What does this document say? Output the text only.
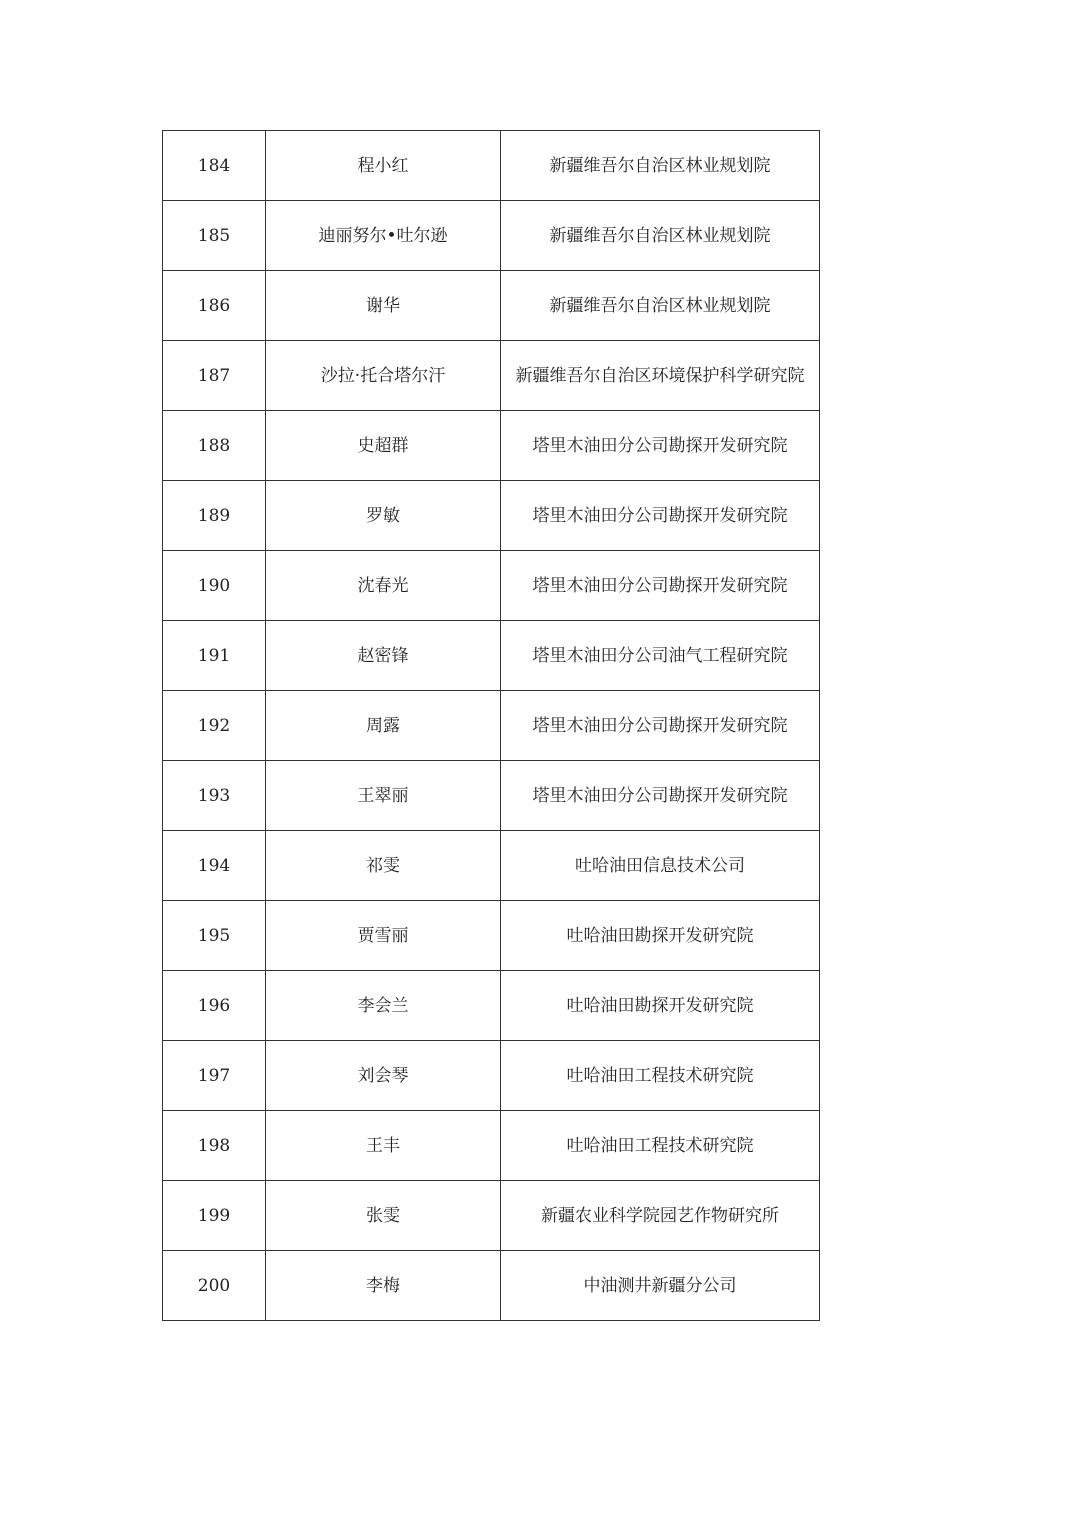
184	程小红	新疆维吾尔自治区林业规划院
185	迪丽努尔•吐尔逊	新疆维吾尔自治区林业规划院
186	谢华	新疆维吾尔自治区林业规划院
187	沙拉·托合塔尔汗	新疆维吾尔自治区环境保护科学研究院
188	史超群	塔里木油田分公司勘探开发研究院
189	罗敏	塔里木油田分公司勘探开发研究院
190	沈春光	塔里木油田分公司勘探开发研究院
191	赵密锋	塔里木油田分公司油气工程研究院
192	周露	塔里木油田分公司勘探开发研究院
193	王翠丽	塔里木油田分公司勘探开发研究院
194	祁雯	吐哈油田信息技术公司
195	贾雪丽	吐哈油田勘探开发研究院
196	李会兰	吐哈油田勘探开发研究院
197	刘会琴	吐哈油田工程技术研究院
198	王丰	吐哈油田工程技术研究院
199	张雯	新疆农业科学院园艺作物研究所
200	李梅	中油测井新疆分公司
